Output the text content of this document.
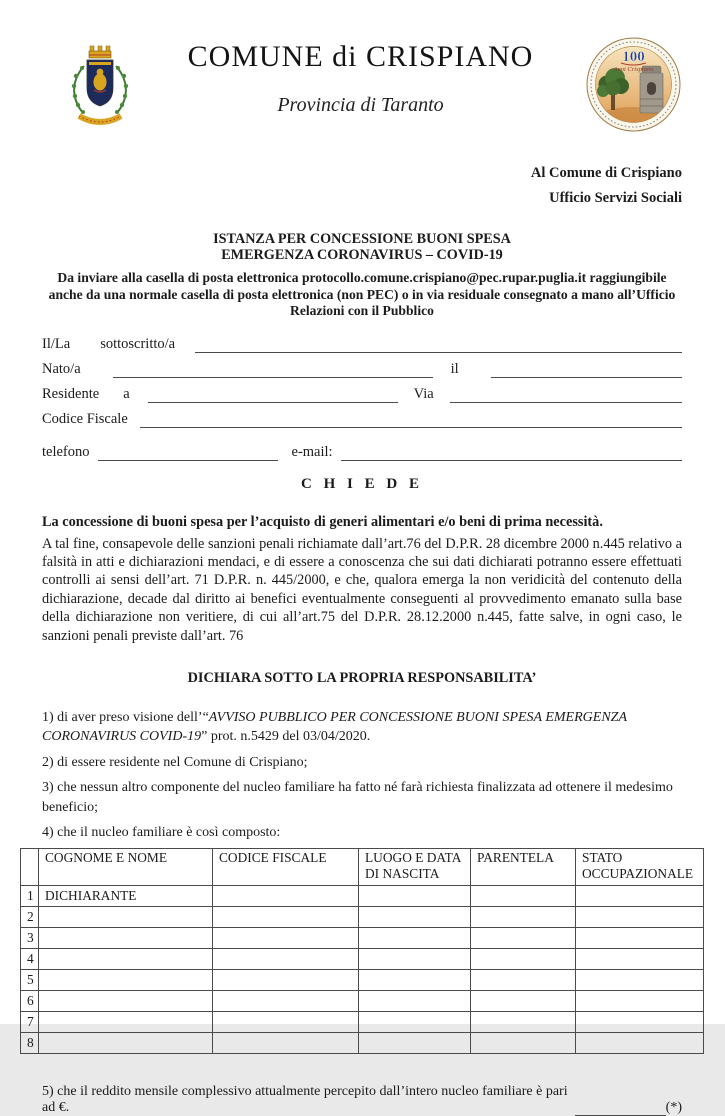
COMUNE di CRISPIANO
Provincia di Taranto
100
Anni Crispiano
Al Comune di Crispiano
Ufficio Servizi Sociali
ISTANZA PER CONCESSIONE BUONI SPESA
EMERGENZA CORONAVIRUS – COVID-19

Da inviare alla casella di posta elettronica protocollo.comune.crispiano@pec.rupar.puglia.it raggiungibile anche da una normale casella di posta elettronica (non PEC) o in via residuale consegnato a mano all’Ufficio Relazioni con il Pubblico

Il/La sottoscritto/a
Nato/a	il
Residente a	Via
Codice Fiscale
telefono	e-mail:
C H I E D E

La concessione di buoni spesa per l’acquisto di generi alimentari e/o beni di prima necessità.

A tal fine, consapevole delle sanzioni penali richiamate dall’art.76 del D.P.R. 28 dicembre 2000 n.445 relativo a falsità in atti e dichiarazioni mendaci, e di essere a conoscenza che sui dati dichiarati potranno essere effettuati controlli ai sensi dell’art. 71 D.P.R. n. 445/2000, e che, qualora emerga la non veridicità del contenuto della dichiarazione, decade dal diritto ai benefici eventualmente conseguenti al provvedimento emanato sulla base della dichiarazione non veritiere, di cui all’art.75 del D.P.R. 28.12.2000 n.445, fatte salve, in ogni caso, le sanzioni penali previste dall’art. 76

DICHIARA SOTTO LA PROPRIA RESPONSABILITA’

1) di aver preso visione dell’“AVVISO PUBBLICO PER CONCESSIONE BUONI SPESA EMERGENZA CORONAVIRUS COVID-19” prot. n.5429 del 03/04/2020.

2) di essere residente nel Comune di Crispiano;

3) che nessun altro componente del nucleo familiare ha fatto né farà richiesta finalizzata ad ottenere il medesimo beneficio;

4) che il nucleo familiare è così composto:

	COGNOME E NOME	CODICE FISCALE	LUOGO E DATA DI NASCITA	PARENTELA	STATO OCCUPAZIONALE
1	DICHIARANTE				
2					
3					
4					
5					
6					
7					
8					
5) che il reddito mensile complessivo attualmente percepito dall’intero nucleo familiare è pari ad €.	(*)
